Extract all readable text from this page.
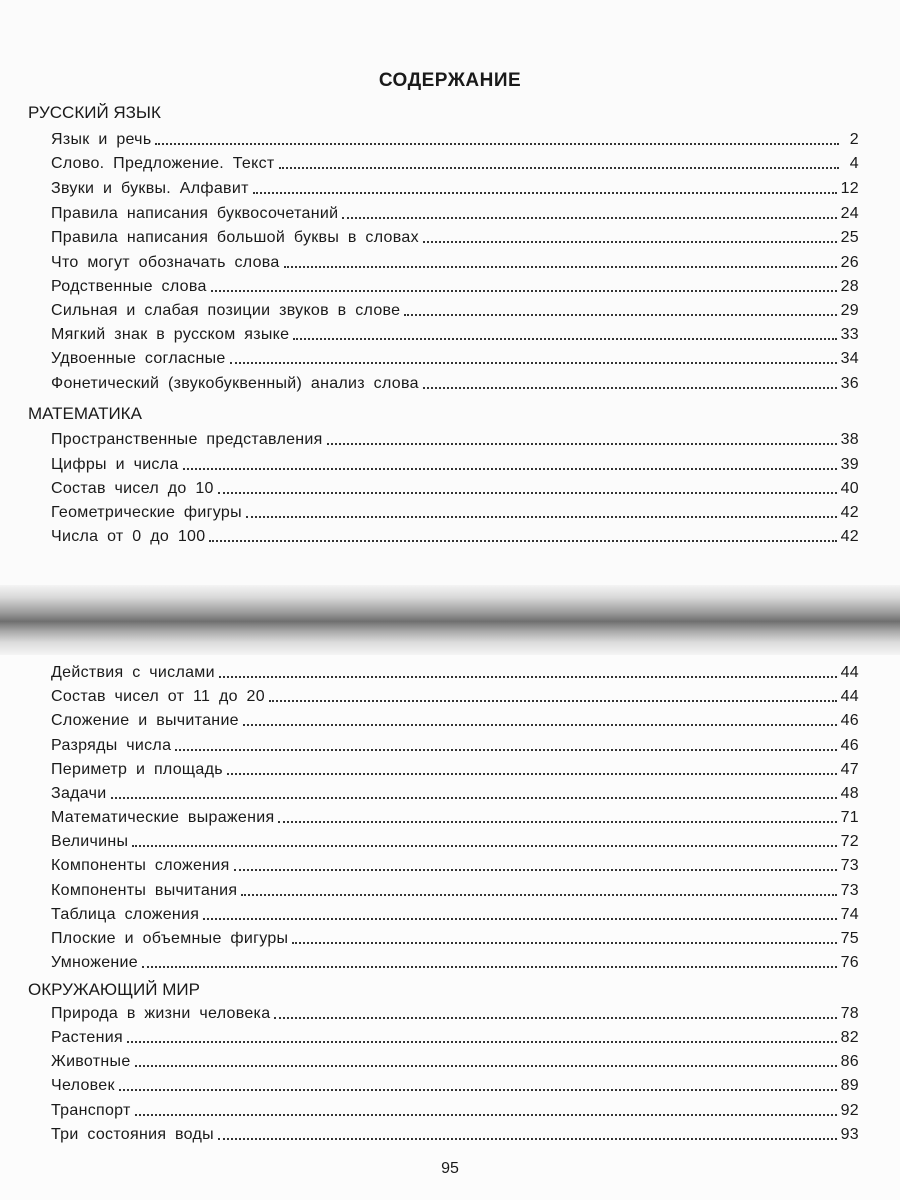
СОДЕРЖАНИЕ
РУССКИЙ ЯЗЫК
Язык и речь	2
Слово. Предложение. Текст	4
Звуки и буквы. Алфавит	12
Правила написания буквосочетаний	24
Правила написания большой буквы в словах	25
Что могут обозначать слова	26
Родственные слова	28
Сильная и слабая позиции звуков в слове	29
Мягкий знак в русском языке	33
Удвоенные согласные	34
Фонетический (звукобуквенный) анализ слова	36
МАТЕМАТИКА
Пространственные представления	38
Цифры и числа	39
Состав чисел до 10	40
Геометрические фигуры	42
Числа от 0 до 100	42
Действия с числами	44
Состав чисел от 11 до 20	44
Сложение и вычитание	46
Разряды числа	46
Периметр и площадь	47
Задачи	48
Математические выражения	71
Величины	72
Компоненты сложения	73
Компоненты вычитания	73
Таблица сложения	74
Плоские и объемные фигуры	75
Умножение	76
ОКРУЖАЮЩИЙ МИР
Природа в жизни человека	78
Растения	82
Животные	86
Человек	89
Транспорт	92
Три состояния воды	93
95
